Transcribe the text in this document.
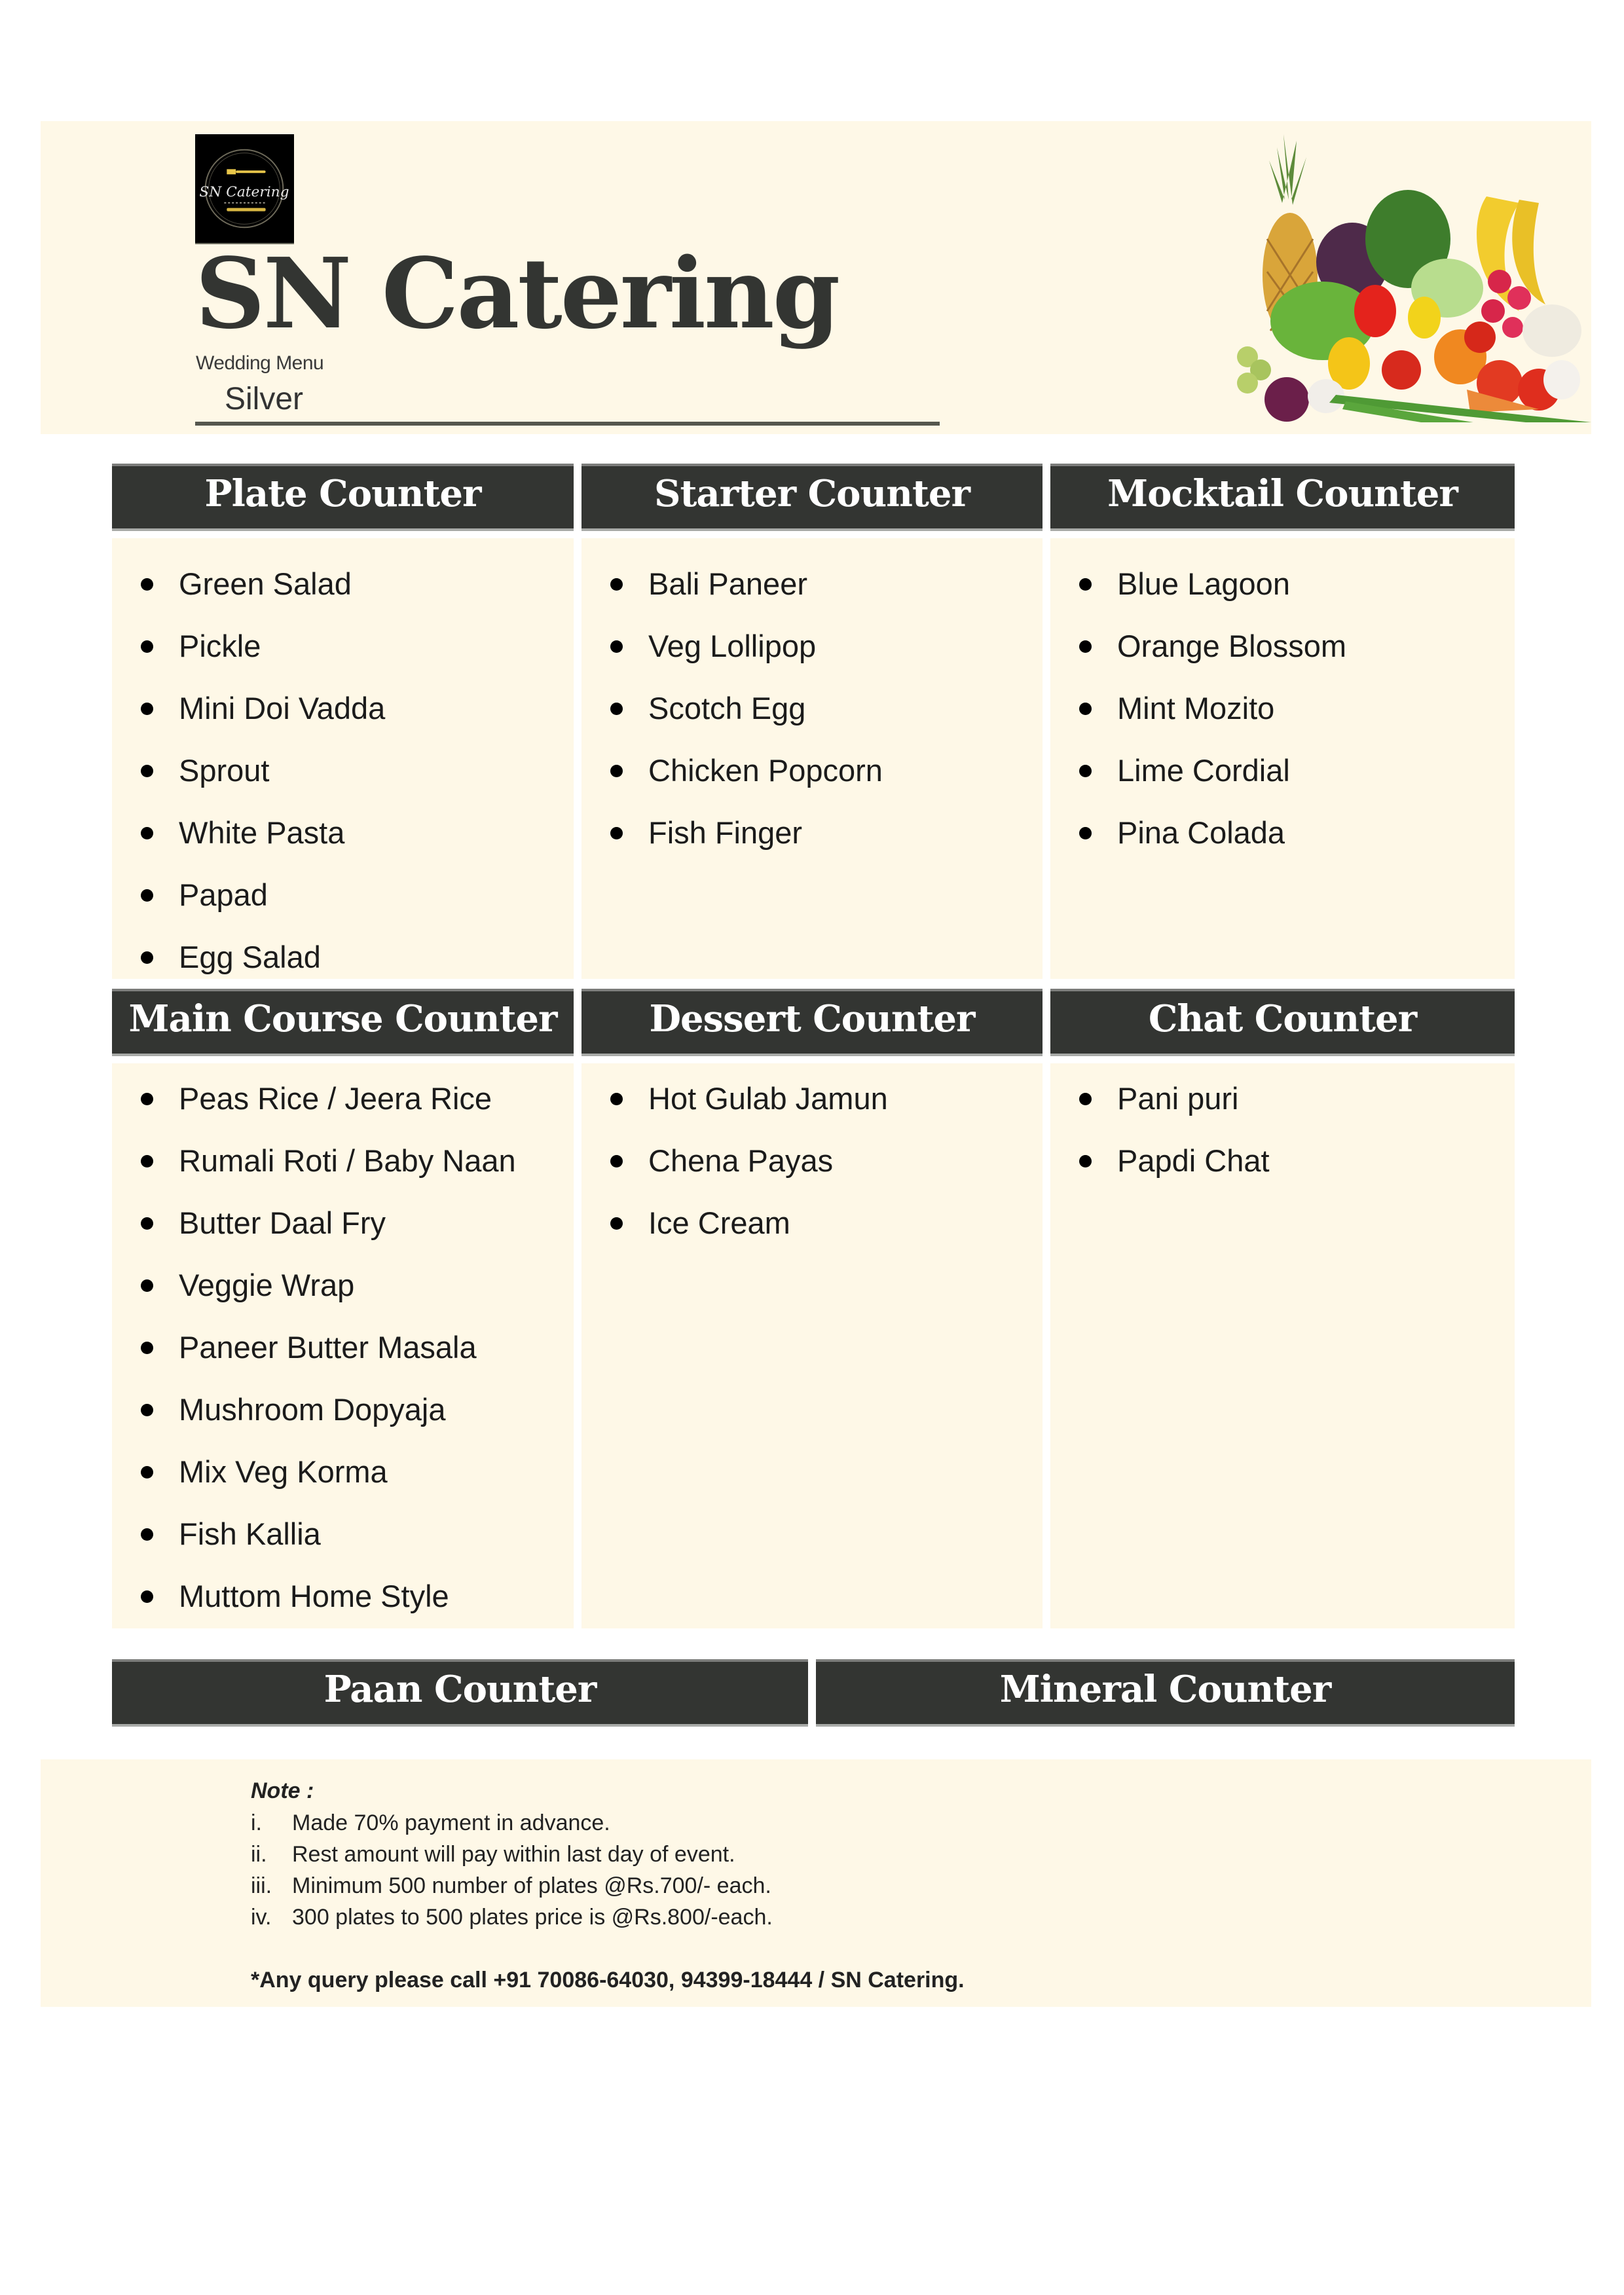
SN Catering
SN Catering
Wedding Menu
Silver
Plate Counter	Starter Counter	Mocktail Counter
Green Salad
Pickle
Mini Doi Vadda
Sprout
White Pasta
Papad
Egg Salad
Bali Paneer
Veg Lollipop
Scotch Egg
Chicken Popcorn
Fish Finger
Blue Lagoon
Orange Blossom
Mint Mozito
Lime Cordial
Pina Colada
Main Course Counter	Dessert Counter	Chat Counter
Peas Rice / Jeera Rice
Rumali Roti / Baby Naan
Butter Daal Fry
Veggie Wrap
Paneer Butter Masala
Mushroom Dopyaja
Mix Veg Korma
Fish Kallia
Muttom Home Style
Hot Gulab Jamun
Chena Payas
Ice Cream
Pani puri
Papdi Chat
Paan Counter	Mineral Counter
Note :
i.	Made 70% payment in advance.
ii.	Rest amount will pay within last day of event.
iii. Minimum 500 number of plates @Rs.700/- each.
iv. 300 plates to 500 plates price is @Rs.800/-each.
*Any query please call +91 70086-64030, 94399-18444 / SN Catering.
